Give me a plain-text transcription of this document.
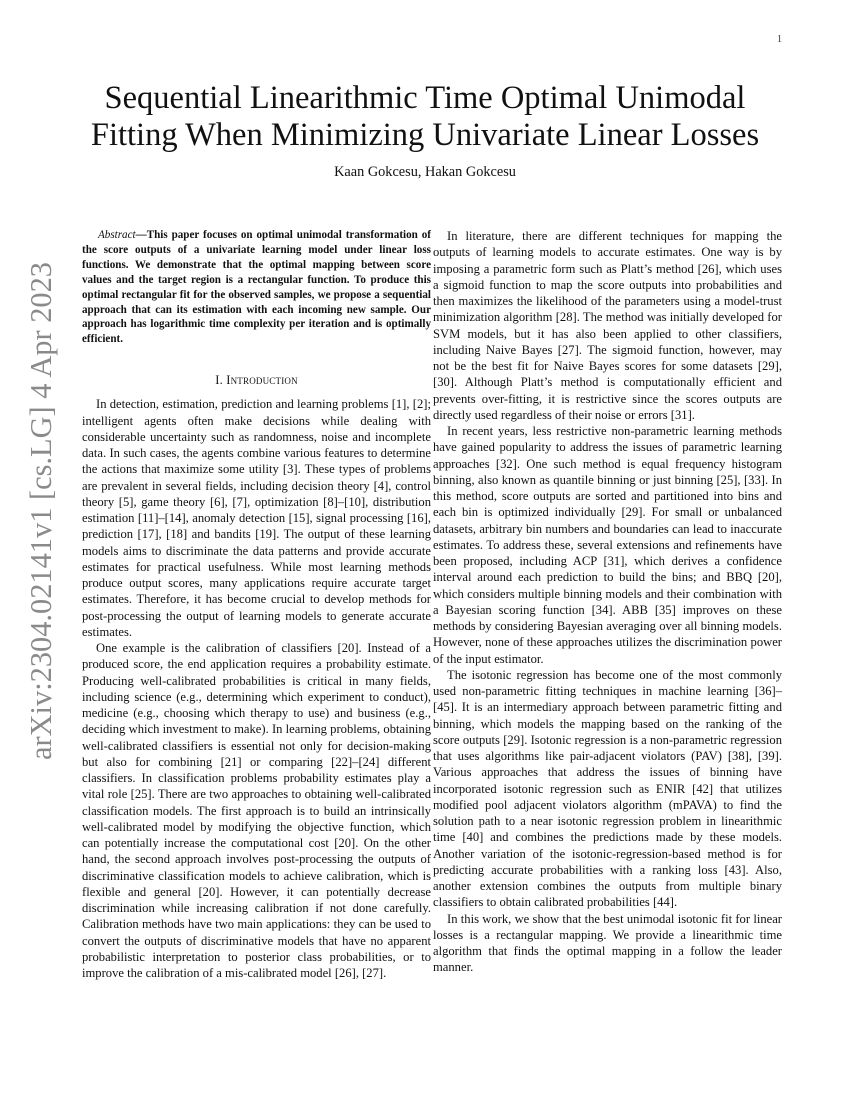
1
arXiv:2304.02141v1 [cs.LG] 4 Apr 2023
Sequential Linearithmic Time Optimal Unimodal
Fitting When Minimizing Univariate Linear Losses
Kaan Gokcesu, Hakan Gokcesu

Abstract—This paper focuses on optimal unimodal transformation of the score outputs of a univariate learning model under linear loss functions. We demonstrate that the optimal mapping between score values and the target region is a rectangular function. To produce this optimal rectangular fit for the observed samples, we propose a sequential approach that can its estimation with each incoming new sample. Our approach has logarithmic time complexity per iteration and is optimally efficient.

I. Introduction

In detection, estimation, prediction and learning problems [1], [2]; intelligent agents often make decisions while dealing with considerable uncertainty such as randomness, noise and incomplete data. In such cases, the agents combine various features to determine the actions that maximize some utility [3]. These types of problems are prevalent in several fields, including decision theory [4], control theory [5], game theory [6], [7], optimization [8]–[10], distribution estimation [11]–[14], anomaly detection [15], signal processing [16], prediction [17], [18] and bandits [19]. The output of these learning models aims to discriminate the data patterns and provide accurate estimates for practical usefulness. While most learning methods produce output scores, many applications require accurate target estimates. Therefore, it has become crucial to develop methods for post-processing the output of learning models to generate accurate estimates.

One example is the calibration of classifiers [20]. Instead of a produced score, the end application requires a probability estimate. Producing well-calibrated probabilities is critical in many fields, including science (e.g., determining which experiment to conduct), medicine (e.g., choosing which therapy to use) and business (e.g., deciding which investment to make). In learning problems, obtaining well-calibrated classifiers is essential not only for decision-making but also for combining [21] or comparing [22]–[24] different classifiers. In classification problems probability estimates play a vital role [25]. There are two approaches to obtaining well-calibrated classification models. The first approach is to build an intrinsically well-calibrated model by modifying the objective function, which can potentially increase the computational cost [20]. On the other hand, the second approach involves post-processing the outputs of discriminative classification models to achieve calibration, which is flexible and general [20]. However, it can potentially decrease discrimination while increasing calibration if not done carefully. Calibration methods have two main applications: they can be used to convert the outputs of discriminative models that have no apparent probabilistic interpretation to posterior class probabilities, or to improve the calibration of a mis-calibrated model [26], [27].

In literature, there are different techniques for mapping the outputs of learning models to accurate estimates. One way is by imposing a parametric form such as Platt’s method [26], which uses a sigmoid function to map the score outputs into probabilities and then maximizes the likelihood of the parameters using a model-trust minimization algorithm [28]. The method was initially developed for SVM models, but it has also been applied to other classifiers, including Naive Bayes [27]. The sigmoid function, however, may not be the best fit for Naive Bayes scores for some datasets [29], [30]. Although Platt’s method is computationally efficient and prevents over-fitting, it is restrictive since the scores outputs are directly used regardless of their noise or errors [31].

In recent years, less restrictive non-parametric learning methods have gained popularity to address the issues of parametric learning approaches [32]. One such method is equal frequency histogram binning, also known as quantile binning or just binning [25], [33]. In this method, score outputs are sorted and partitioned into bins and each bin is optimized individually [29]. For small or unbalanced datasets, arbitrary bin numbers and boundaries can lead to inaccurate estimates. To address these, several extensions and refinements have been proposed, including ACP [31], which derives a confidence interval around each prediction to build the bins; and BBQ [20], which considers multiple binning models and their combination with a Bayesian scoring function [34]. ABB [35] improves on these methods by considering Bayesian averaging over all binning models. However, none of these approaches utilizes the discrimination power of the input estimator.

The isotonic regression has become one of the most commonly used non-parametric fitting techniques in machine learning [36]–[45]. It is an intermediary approach between parametric fitting and binning, which models the mapping based on the ranking of the score outputs [29]. Isotonic regression is a non-parametric regression that uses algorithms like pair-adjacent violators (PAV) [38], [39]. Various approaches that address the issues of binning have incorporated isotonic regression such as ENIR [42] that utilizes modified pool adjacent violators algorithm (mPAVA) to find the solution path to a near isotonic regression problem in linearithmic time [40] and combines the predictions made by these models. Another variation of the isotonic-regression-based method is for predicting accurate probabilities with a ranking loss [43]. Also, another extension combines the outputs from multiple binary classifiers to obtain calibrated probabilities [44].

In this work, we show that the best unimodal isotonic fit for linear losses is a rectangular mapping. We provide a linearithmic time algorithm that finds the optimal mapping in a follow the leader manner.
